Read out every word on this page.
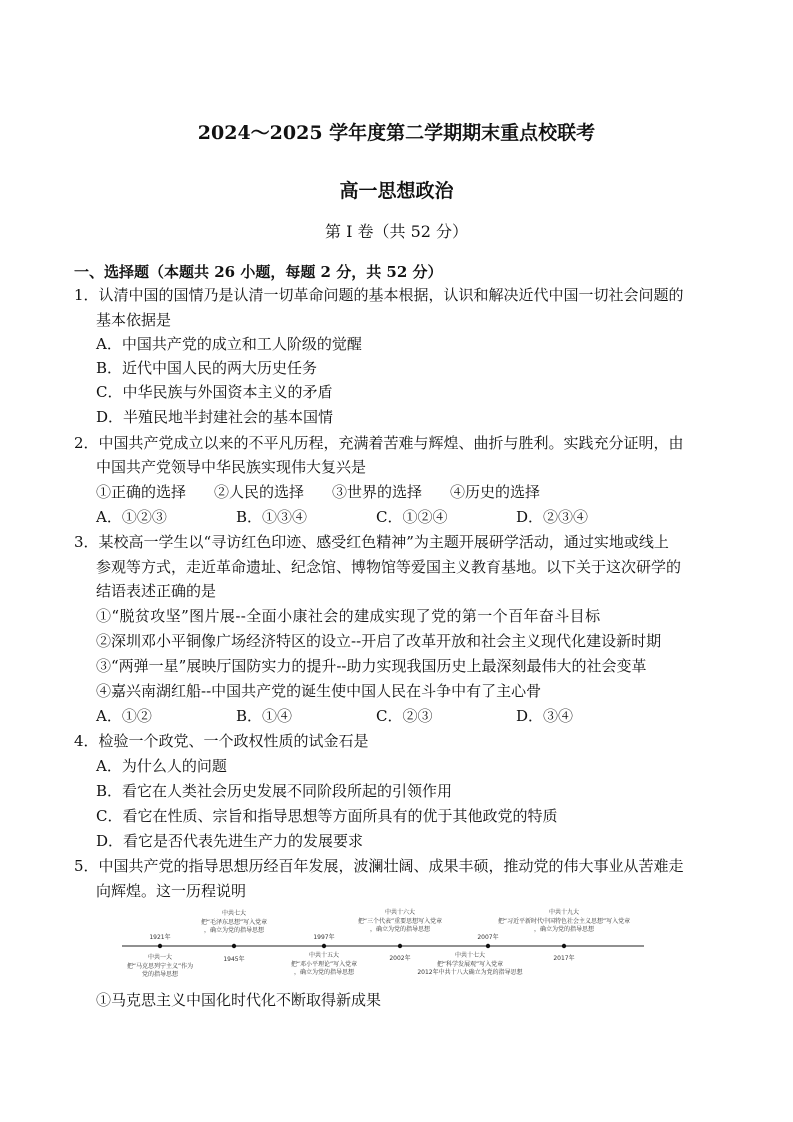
2024～2025 学年度第二学期期末重点校联考
高一思想政治
第 Ⅰ 卷（共 52 分）
一、选择题（本题共 26 小题，每题 2 分，共 52 分）
1．认清中国的国情乃是认清一切革命问题的基本根据，认识和解决近代中国一切社会问题的
基本依据是
A．中国共产党的成立和工人阶级的觉醒
B．近代中国人民的两大历史任务
C．中华民族与外国资本主义的矛盾
D．半殖民地半封建社会的基本国情
2．中国共产党成立以来的不平凡历程，充满着苦难与辉煌、曲折与胜利。实践充分证明，由
中国共产党领导中华民族实现伟大复兴是
①正确的选择 ②人民的选择 ③世界的选择 ④历史的选择
A．①②③	B．①③④	C．①②④	D．②③④
3．某校高一学生以“寻访红色印迹、感受红色精神”为主题开展研学活动，通过实地或线上
参观等方式，走近革命遗址、纪念馆、博物馆等爱国主义教育基地。以下关于这次研学的
结语表述正确的是
①“脱贫攻坚”图片展--全面小康社会的建成实现了党的第一个百年奋斗目标
②深圳邓小平铜像广场经济特区的设立--开启了改革开放和社会主义现代化建设新时期
③“两弹一星”展映厅国防实力的提升--助力实现我国历史上最深刻最伟大的社会变革
④嘉兴南湖红船--中国共产党的诞生使中国人民在斗争中有了主心骨
A．①②	B．①④	C．②③	D．③④
4．检验一个政党、一个政权性质的试金石是
A．为什么人的问题
B．看它在人类社会历史发展不同阶段所起的引领作用
C．看它在性质、宗旨和指导思想等方面所具有的优于其他政党的特质
D．看它是否代表先进生产力的发展要求
5．中国共产党的指导思想历经百年发展，波澜壮阔、成果丰硕，推动党的伟大事业从苦难走
向辉煌。这一历程说明
1921年
中共一大
把“马克思列宁主义”作为
党的指导思想
1945年
中共七大
把“毛泽东思想”写入党章
，确立为党的指导思想
1997年
中共十五大
把“邓小平理论”写入党章
，确立为党的指导思想
2002年
中共十六大
把“三个代表”重要思想写入党章
，确立为党的指导思想
2007年
中共十七大
把“科学发展观”写入党章
2012年中共十八大确立为党的指导思想
2017年
中共十九大
把“习近平新时代中国特色社会主义思想”写入党章
，确立为党的指导思想
①马克思主义中国化时代化不断取得新成果
